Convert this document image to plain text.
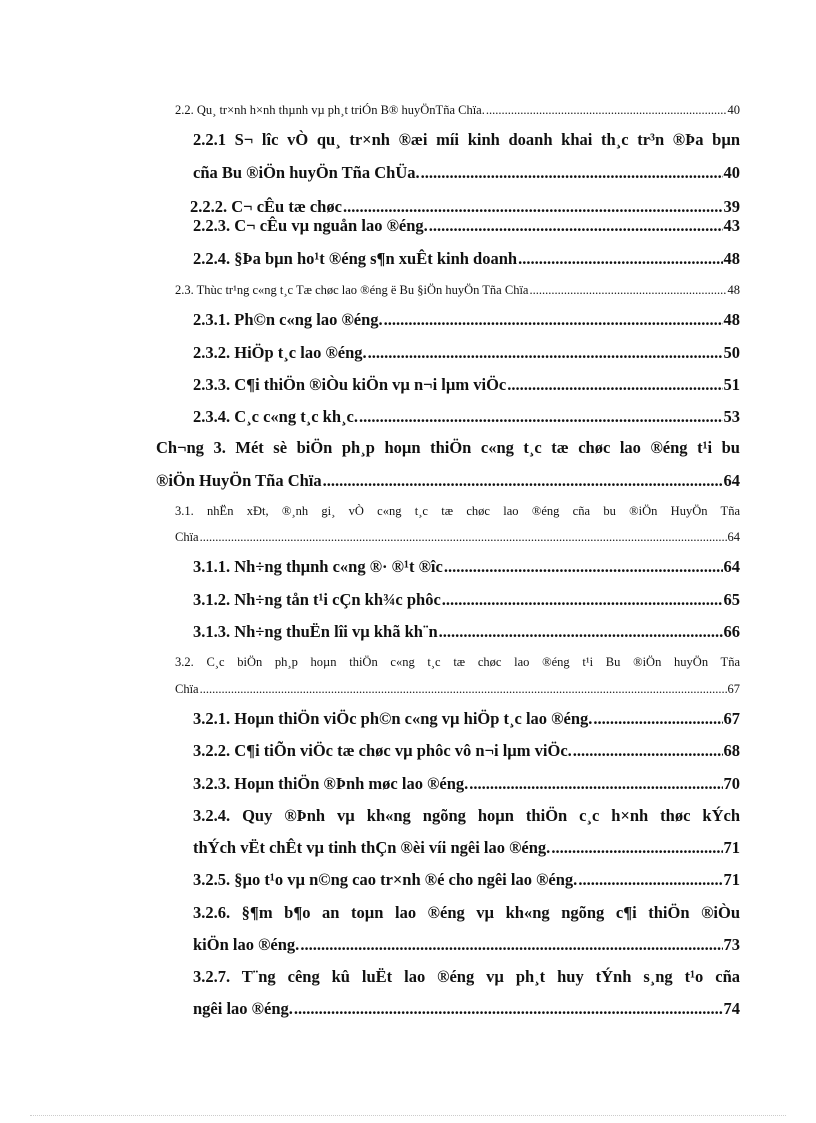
2.2. Qu¸ tr×nh h×nh thµnh vµ ph¸t triÓn B® huyÖnTña Chïa. .....	40
2.2.1 S¬ lîc vÒ qu¸ tr×nh ®æi míi kinh doanh khai th¸c tr³n ®Þa bµn
cña Bu ®iÖn huyÖn Tña ChÜa. .....	40
2.2.2. C¬ cÊu tæ chøc .....	39
2.2.3. C¬ cÊu vµ nguån lao ®éng. .....	43
2.2.4. §Þa bµn ho¹t ®éng s¶n xuÊt kinh doanh .....	48
2.3. Thùc tr¹ng c«ng t¸c Tæ chøc lao ®éng ë Bu §iÖn huyÖn Tña Chïa .....	48
2.3.1. Ph©n c«ng lao ®éng. .....	48
2.3.2. HiÖp t¸c lao ®éng. .....	50
2.3.3. C¶i thiÖn ®iÒu kiÖn vµ n¬i lµm viÖc .....	51
2.3.4. C¸c c«ng t¸c kh¸c. .....	53
Ch¬ng 3. Mét sè biÖn ph¸p hoµn thiÖn c«ng t¸c tæ chøc lao ®éng t¹i bu
®iÖn HuyÖn Tña Chïa .....	64
3.1. nhËn xÐt, ®¸nh gi¸ vÒ c«ng t¸c tæ chøc lao ®éng cña bu ®iÖn HuyÖn Tña
Chïa .....	64
3.1.1. Nh÷ng thµnh c«ng ®· ®¹t ®îc .....	64
3.1.2. Nh÷ng tån t¹i cÇn kh¾c phôc .....	65
3.1.3. Nh÷ng thuËn lîi vµ khã kh¨n .....	66
3.2. C¸c biÖn ph¸p hoµn thiÖn c«ng t¸c tæ chøc lao ®éng t¹i Bu ®iÖn huyÖn Tña
Chïa .....	67
3.2.1. Hoµn thiÖn viÖc ph©n c«ng vµ hiÖp t¸c lao ®éng. .....	67
3.2.2. C¶i tiÕn viÖc tæ chøc vµ phôc vô n¬i lµm viÖc. .....	68
3.2.3. Hoµn thiÖn ®Þnh møc lao ®éng. .....	70
3.2.4. Quy ®Þnh vµ kh«ng ngõng hoµn thiÖn c¸c h×nh thøc kÝch
thÝch vËt chÊt vµ tinh thÇn ®èi víi ngêi lao ®éng. .....	71
3.2.5. §µo t¹o vµ n©ng cao tr×nh ®é cho ngêi lao ®éng. .....	71
3.2.6. §¶m b¶o an toµn lao ®éng vµ kh«ng ngõng c¶i thiÖn ®iÒu
kiÖn lao ®éng. .....	73
3.2.7. T¨ng cêng kû luËt lao ®éng vµ ph¸t huy tÝnh s¸ng t¹o cña
ngêi lao ®éng. .....	74
